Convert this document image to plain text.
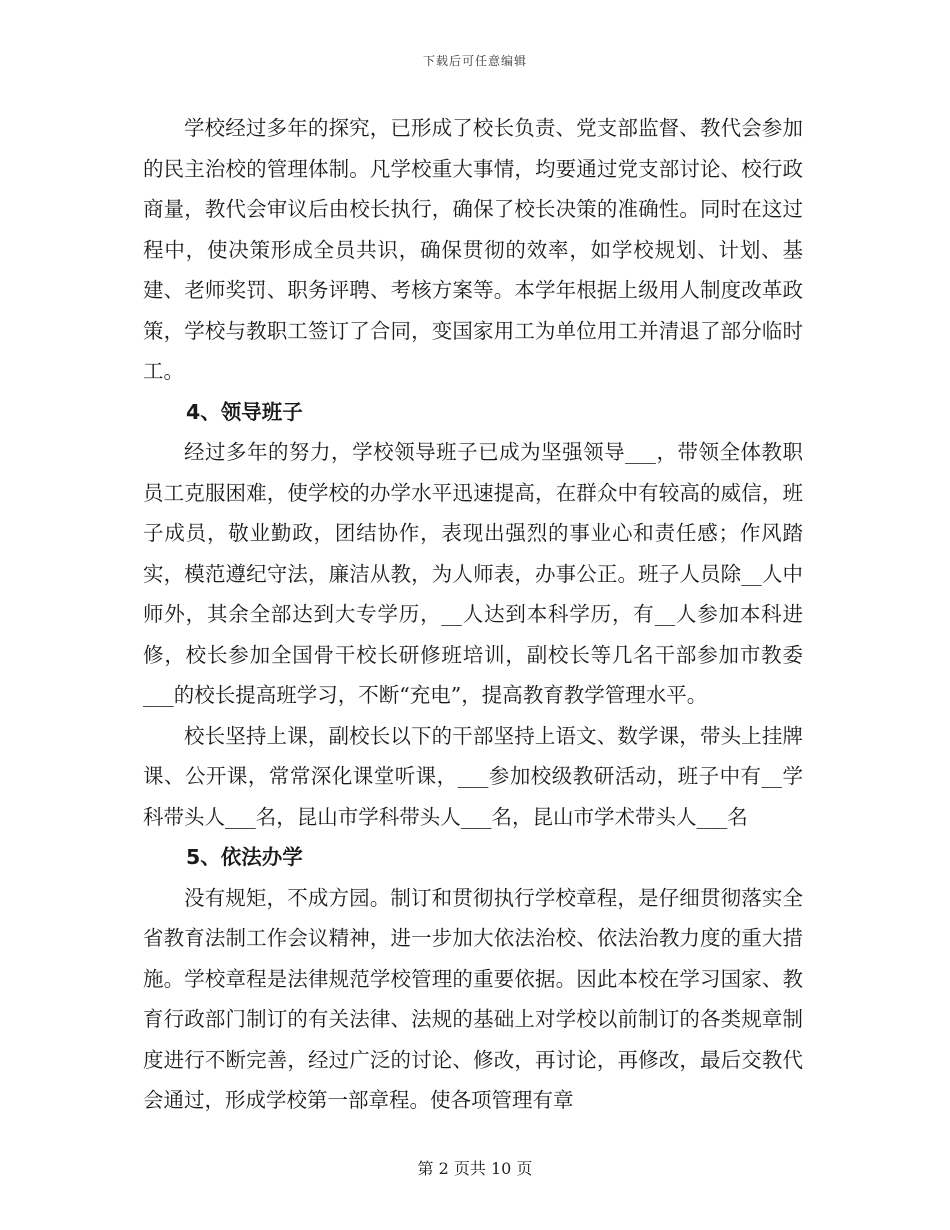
下载后可任意编辑

学校经过多年的探究，已形成了校长负责、党支部监督、教代会参加的民主治校的管理体制。凡学校重大事情，均要通过党支部讨论、校行政商量，教代会审议后由校长执行，确保了校长决策的准确性。同时在这过程中，使决策形成全员共识，确保贯彻的效率，如学校规划、计划、基建、老师奖罚、职务评聘、考核方案等。本学年根据上级用人制度改革政策，学校与教职工签订了合同，变国家用工为单位用工并清退了部分临时工。

4、领导班子

经过多年的努力，学校领导班子已成为坚强领导___，带领全体教职员工克服困难，使学校的办学水平迅速提高，在群众中有较高的威信，班子成员，敬业勤政，团结协作，表现出强烈的事业心和责任感；作风踏实，模范遵纪守法，廉洁从教，为人师表，办事公正。班子人员除__人中师外，其余全部达到大专学历，__人达到本科学历，有__人参加本科进修，校长参加全国骨干校长研修班培训，副校长等几名干部参加市教委___的校长提高班学习，不断“充电”，提高教育教学管理水平。

校长坚持上课，副校长以下的干部坚持上语文、数学课，带头上挂牌课、公开课，常常深化课堂听课，___参加校级教研活动，班子中有__学科带头人___名，昆山市学科带头人___名，昆山市学术带头人___名

5、依法办学

没有规矩，不成方园。制订和贯彻执行学校章程，是仔细贯彻落实全省教育法制工作会议精神，进一步加大依法治校、依法治教力度的重大措施。学校章程是法律规范学校管理的重要依据。因此本校在学习国家、教育行政部门制订的有关法律、法规的基础上对学校以前制订的各类规章制度进行不断完善，经过广泛的讨论、修改，再讨论，再修改，最后交教代会通过，形成学校第一部章程。使各项管理有章

第 2 页共 10 页
